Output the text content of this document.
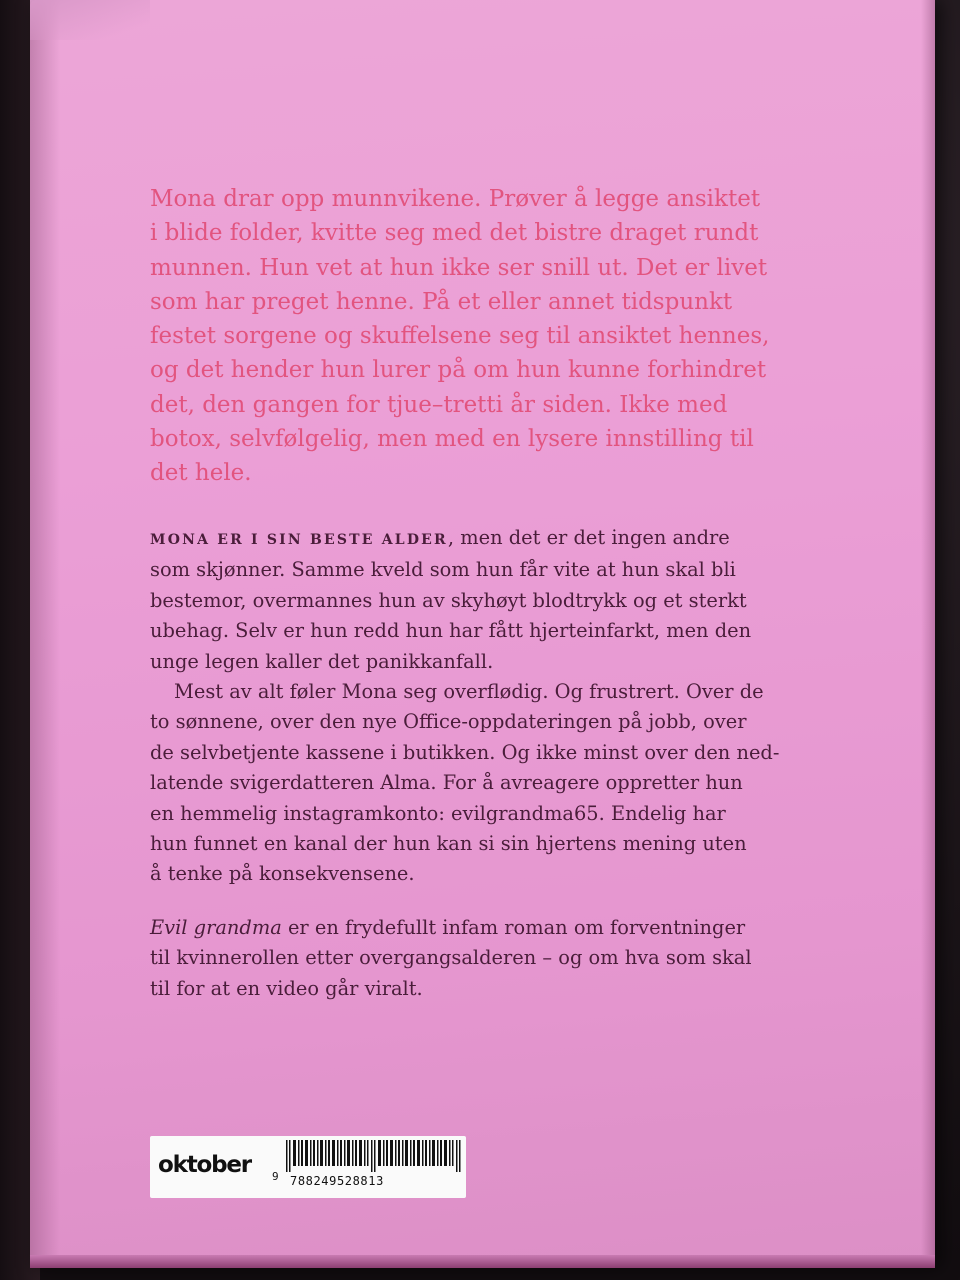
Mona drar opp munnvikene. Prøver å legge ansiktet
i blide folder, kvitte seg med det bistre draget rundt
munnen. Hun vet at hun ikke ser snill ut. Det er livet
som har preget henne. På et eller annet tidspunkt
festet sorgene og skuffelsene seg til ansiktet hennes,
og det hender hun lurer på om hun kunne forhindret
det, den gangen for tjue–tretti år siden. Ikke med
botox, selvfølgelig, men med en lysere innstilling til
det hele.

MONA ER I SIN BESTE ALDER, men det er det ingen andre
som skjønner. Samme kveld som hun får vite at hun skal bli
bestemor, overmannes hun av skyhøyt blodtrykk og et sterkt
ubehag. Selv er hun redd hun har fått hjerteinfarkt, men den
unge legen kaller det panikkanfall.
Mest av alt føler Mona seg overflødig. Og frustrert. Over de
to sønnene, over den nye Office-oppdateringen på jobb, over
de selvbetjente kassene i butikken. Og ikke minst over den ned-
latende svigerdatteren Alma. For å avreagere oppretter hun
en hemmelig instagramkonto: evilgrandma65. Endelig har
hun funnet en kanal der hun kan si sin hjertens mening uten
å tenke på konsekvensene.
Evil grandma er en frydefullt infam roman om forventninger
til kvinnerollen etter overgangsalderen – og om hva som skal
til for at en video går viralt.
oktober 9 788249528813
